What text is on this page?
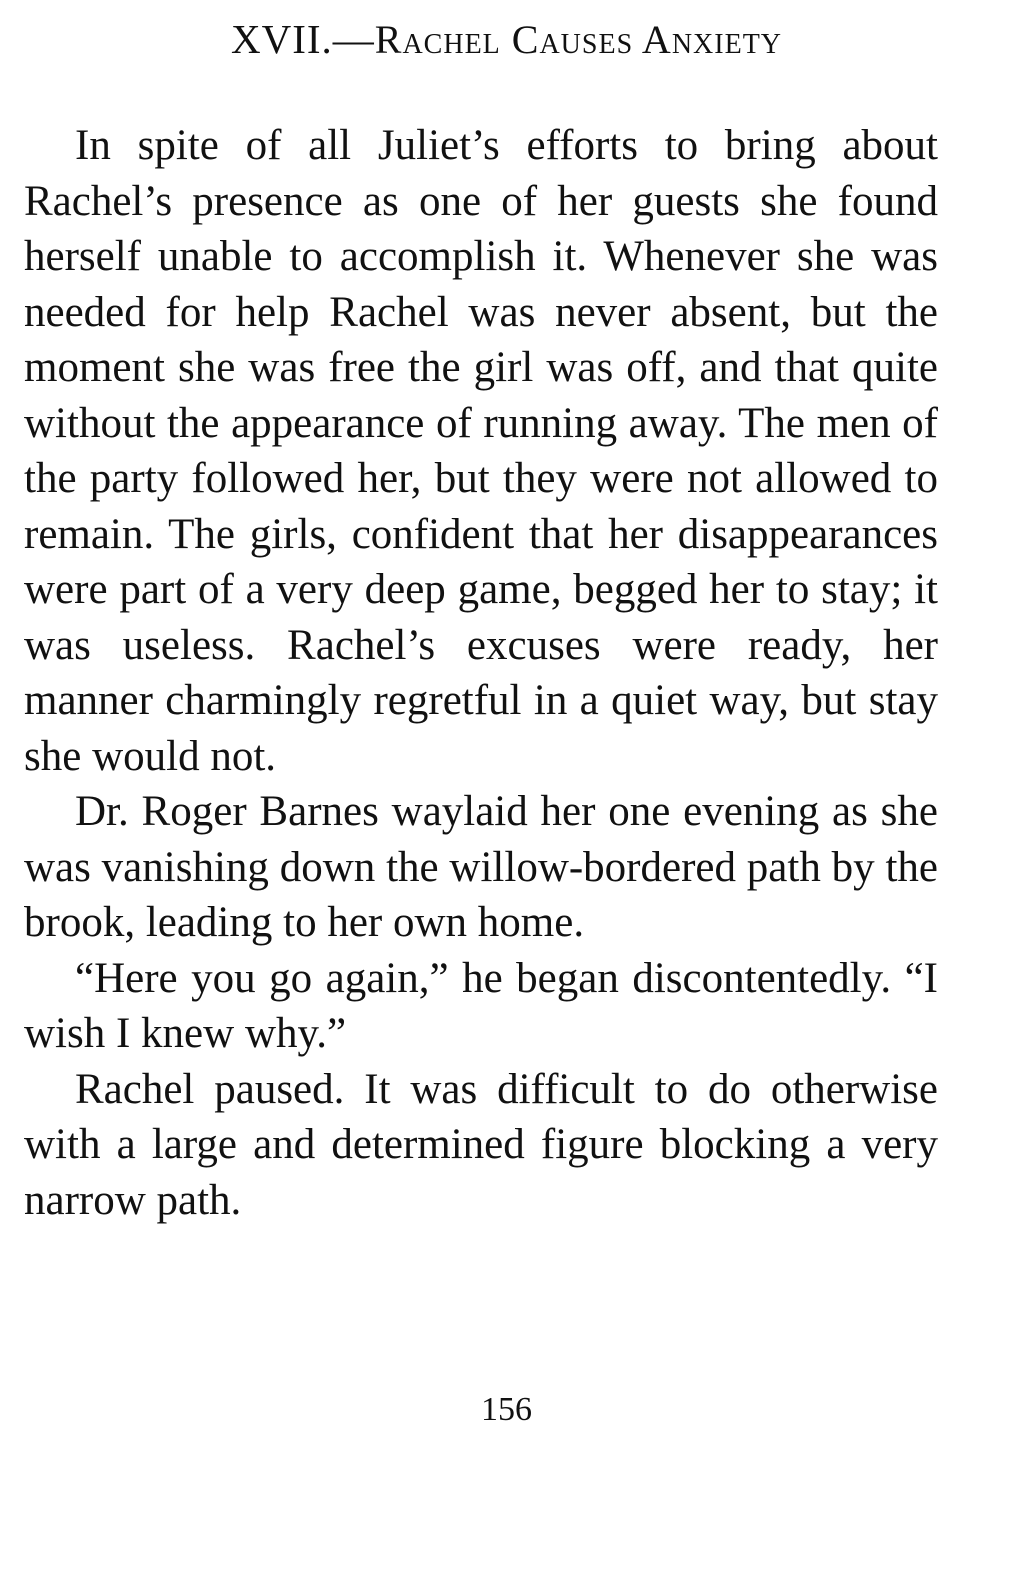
XVII.—Rachel Causes Anxiety

In spite of all Juliet’s efforts to bring about Rachel’s presence as one of her guests she found herself unable to accomplish it. Whenever she was needed for help Rachel was never absent, but the moment she was free the girl was off, and that quite without the appearance of running away. The men of the party followed her, but they were not allowed to remain. The girls, confident that her disappearances were part of a very deep game, begged her to stay; it was useless. Rachel’s excuses were ready, her manner charmingly regretful in a quiet way, but stay she would not.

Dr. Roger Barnes waylaid her one evening as she was vanishing down the willow-bordered path by the brook, leading to her own home.

“Here you go again,” he began discontentedly. “I wish I knew why.”

Rachel paused. It was difficult to do otherwise with a large and determined figure blocking a very narrow path.

156
